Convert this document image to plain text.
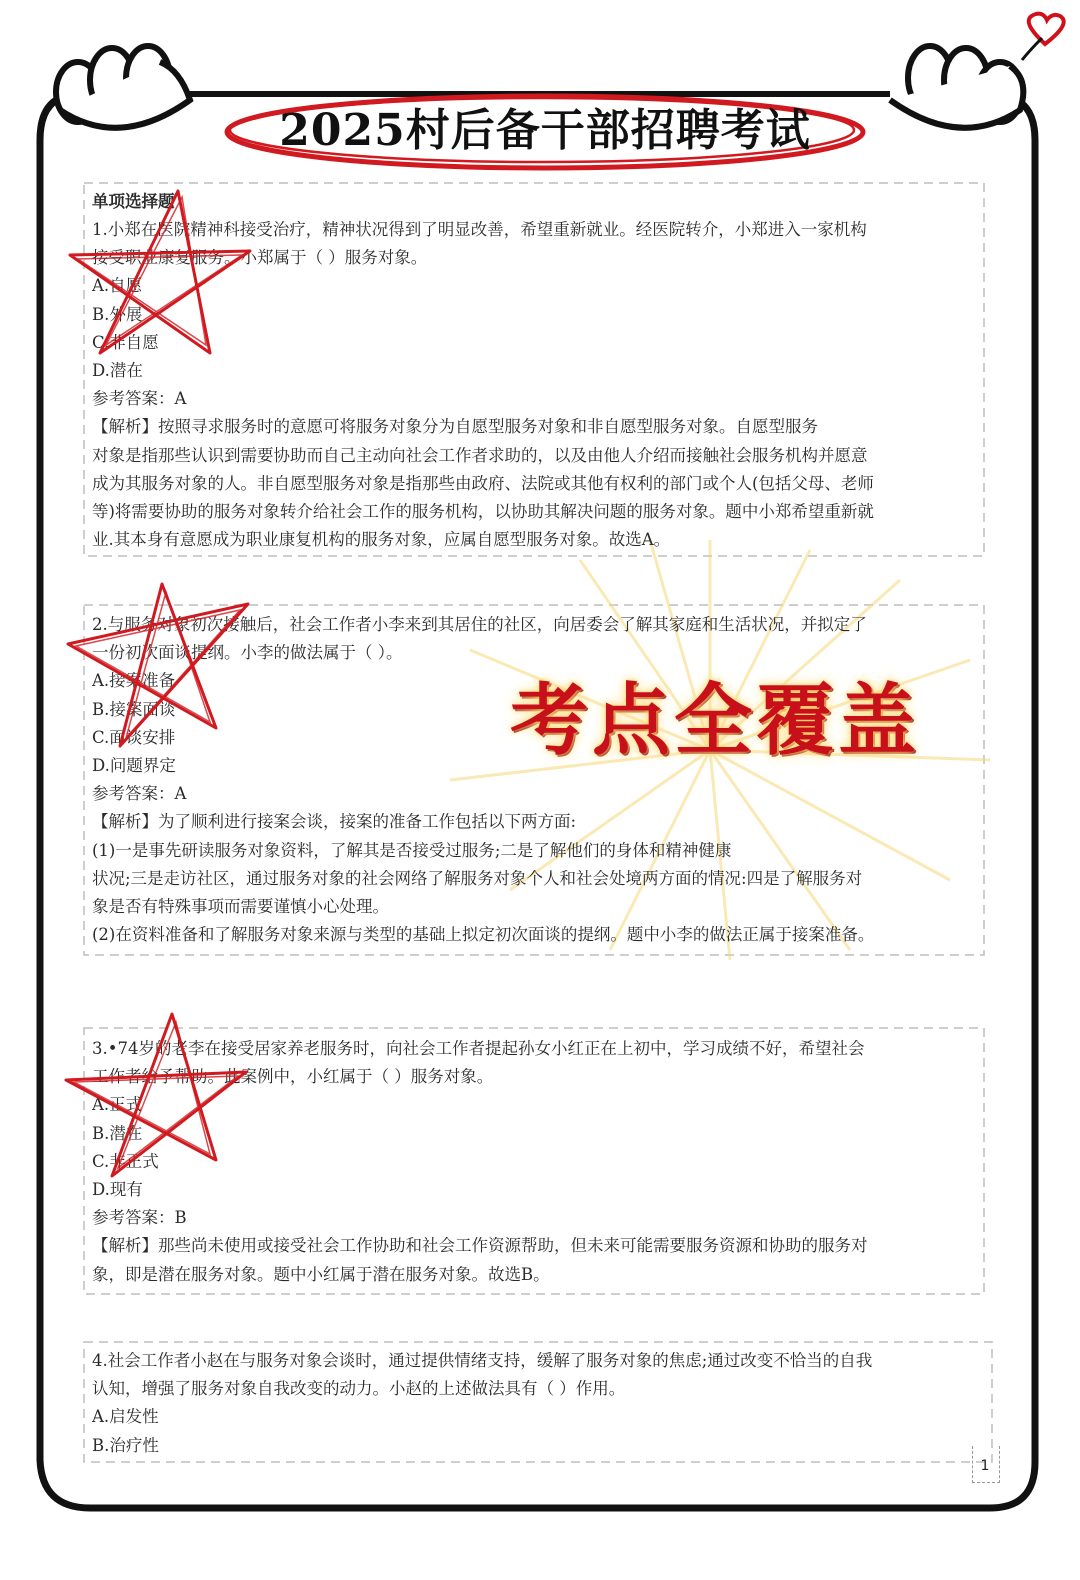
2025村后备干部招聘考试
单项选择题
1.小郑在医院精神科接受治疗，精神状况得到了明显改善，希望重新就业。经医院转介，小郑进入一家机构
接受职业康复服务。小郑属于（ ）服务对象。
A.自愿
B.外展
C.非自愿
D.潜在
参考答案：A
【解析】按照寻求服务时的意愿可将服务对象分为自愿型服务对象和非自愿型服务对象。自愿型服务
对象是指那些认识到需要协助而自己主动向社会工作者求助的，以及由他人介绍而接触社会服务机构并愿意
成为其服务对象的人。非自愿型服务对象是指那些由政府、法院或其他有权利的部门或个人(包括父母、老师
等)将需要协助的服务对象转介给社会工作的服务机构，以协助其解决问题的服务对象。题中小郑希望重新就
业.其本身有意愿成为职业康复机构的服务对象，应属自愿型服务对象。故选A。
2.与服务对象初次接触后，社会工作者小李来到其居住的社区，向居委会了解其家庭和生活状况，并拟定了
一份初次面谈提纲。小李的做法属于（ ）。
A.接案准备
B.接案面谈
C.面谈安排
D.问题界定
参考答案：A
【解析】为了顺利进行接案会谈，接案的准备工作包括以下两方面:
(1)一是事先研读服务对象资料，了解其是否接受过服务;二是了解他们的身体和精神健康
状况;三是走访社区，通过服务对象的社会网络了解服务对象个人和社会处境两方面的情况:四是了解服务对
象是否有特殊事项而需要谨慎小心处理。
(2)在资料准备和了解服务对象来源与类型的基础上拟定初次面谈的提纲。题中小李的做法正属于接案准备。
3.•74岁的老李在接受居家养老服务时，向社会工作者提起孙女小红正在上初中，学习成绩不好，希望社会
工作者给予帮助。此案例中，小红属于（ ）服务对象。
A.正式
B.潜在
C.非正式
D.现有
参考答案：B
【解析】那些尚未使用或接受社会工作协助和社会工作资源帮助，但未来可能需要服务资源和协助的服务对
象，即是潜在服务对象。题中小红属于潜在服务对象。故选B。
4.社会工作者小赵在与服务对象会谈时，通过提供情绪支持，缓解了服务对象的焦虑;通过改变不恰当的自我
认知，增强了服务对象自我改变的动力。小赵的上述做法具有（ ）作用。
A.启发性
B.治疗性
考点全覆盖
1
